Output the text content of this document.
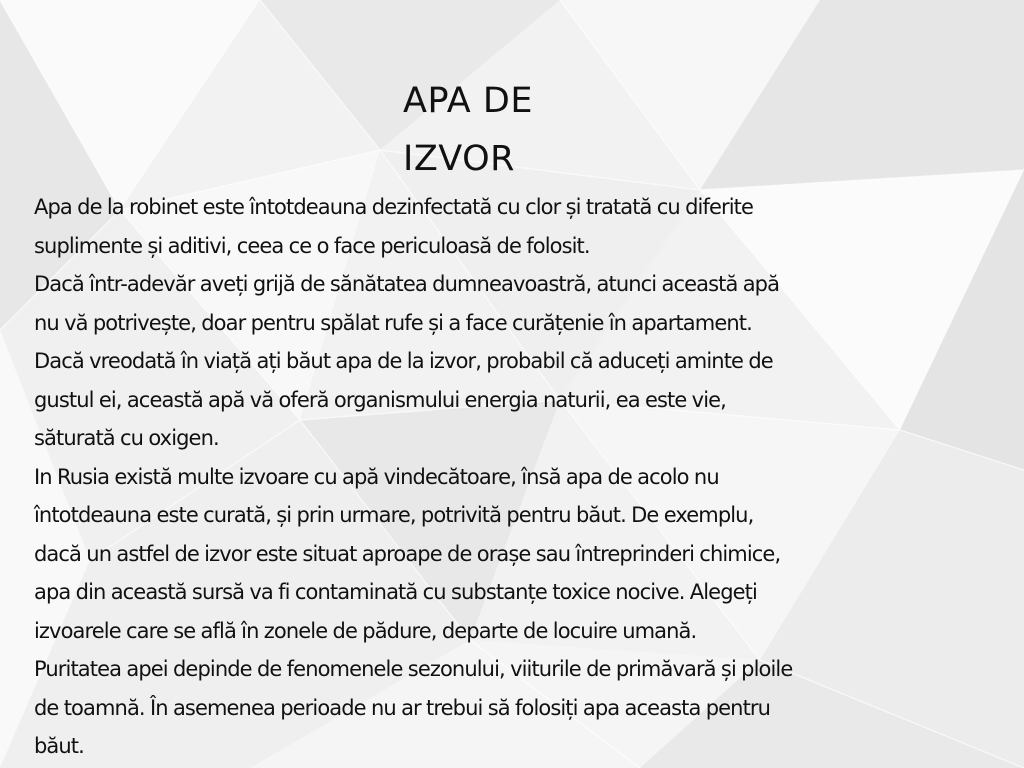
APA DE
IZVOR
Apa de la robinet este întotdeauna dezinfectată cu clor și tratată cu diferite
suplimente și aditivi, ceea ce o face periculoasă de folosit.
Dacă într-adevăr aveți grijă de sănătatea dumneavoastră, atunci această apă
nu vă potrivește, doar pentru spălat rufe și a face curățenie în apartament.
Dacă vreodată în viață ați băut apa de la izvor, probabil că aduceți aminte de
gustul ei, această apă vă oferă organismului energia naturii, ea este vie,
săturată cu oxigen.
In Rusia există multe izvoare cu apă vindecătoare, însă apa de acolo nu
întotdeauna este curată, și prin urmare, potrivită pentru băut. De exemplu,
dacă un astfel de izvor este situat aproape de orașe sau întreprinderi chimice,
apa din această sursă va fi contaminată cu substanțe toxice nocive. Alegeți
izvoarele care se află în zonele de pădure, departe de locuire umană.
Puritatea apei depinde de fenomenele sezonului, viiturile de primăvară și ploile
de toamnă. În asemenea perioade nu ar trebui să folosiți apa aceasta pentru
băut.
